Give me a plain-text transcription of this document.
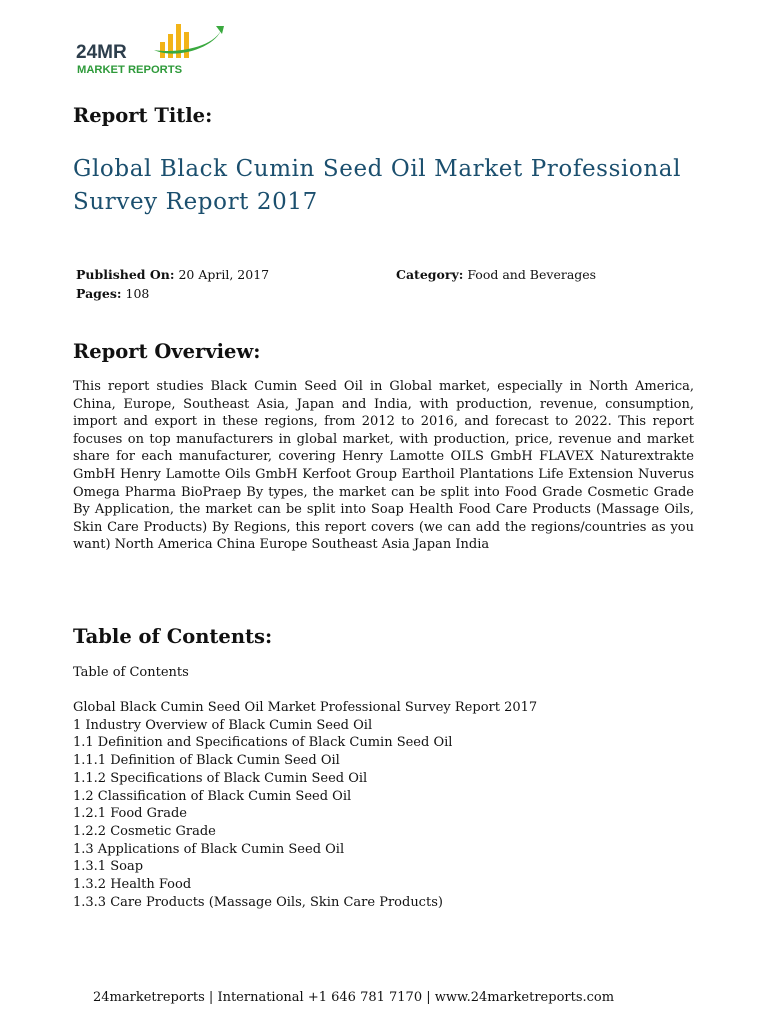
24MR
MARKET REPORTS
Report Title:
Global Black Cumin Seed Oil Market Professional Survey Report 2017
Published On: 20 April, 2017
Pages: 108
Category: Food and Beverages
Report Overview:

This report studies Black Cumin Seed Oil in Global market, especially in North America, China, Europe, Southeast Asia, Japan and India, with production, revenue, consumption, import and export in these regions, from 2012 to 2016, and forecast to 2022. This report focuses on top manufacturers in global market, with production, price, revenue and market share for each manufacturer, covering Henry Lamotte OILS GmbH FLAVEX Naturextrakte GmbH Henry Lamotte Oils GmbH Kerfoot Group Earthoil Plantations Life Extension Nuverus Omega Pharma BioPraep By types, the market can be split into Food Grade Cosmetic Grade By Application, the market can be split into Soap Health Food Care Products (Massage Oils, Skin Care Products) By Regions, this report covers (we can add the regions/countries as you want) North America China Europe Southeast Asia Japan India

Table of Contents:
Table of Contents
Global Black Cumin Seed Oil Market Professional Survey Report 2017
1 Industry Overview of Black Cumin Seed Oil
1.1 Definition and Specifications of Black Cumin Seed Oil
1.1.1 Definition of Black Cumin Seed Oil
1.1.2 Specifications of Black Cumin Seed Oil
1.2 Classification of Black Cumin Seed Oil
1.2.1 Food Grade
1.2.2 Cosmetic Grade
1.3 Applications of Black Cumin Seed Oil
1.3.1 Soap
1.3.2 Health Food
1.3.3 Care Products (Massage Oils, Skin Care Products)
24marketreports | International +1 646 781 7170 | www.24marketreports.com
